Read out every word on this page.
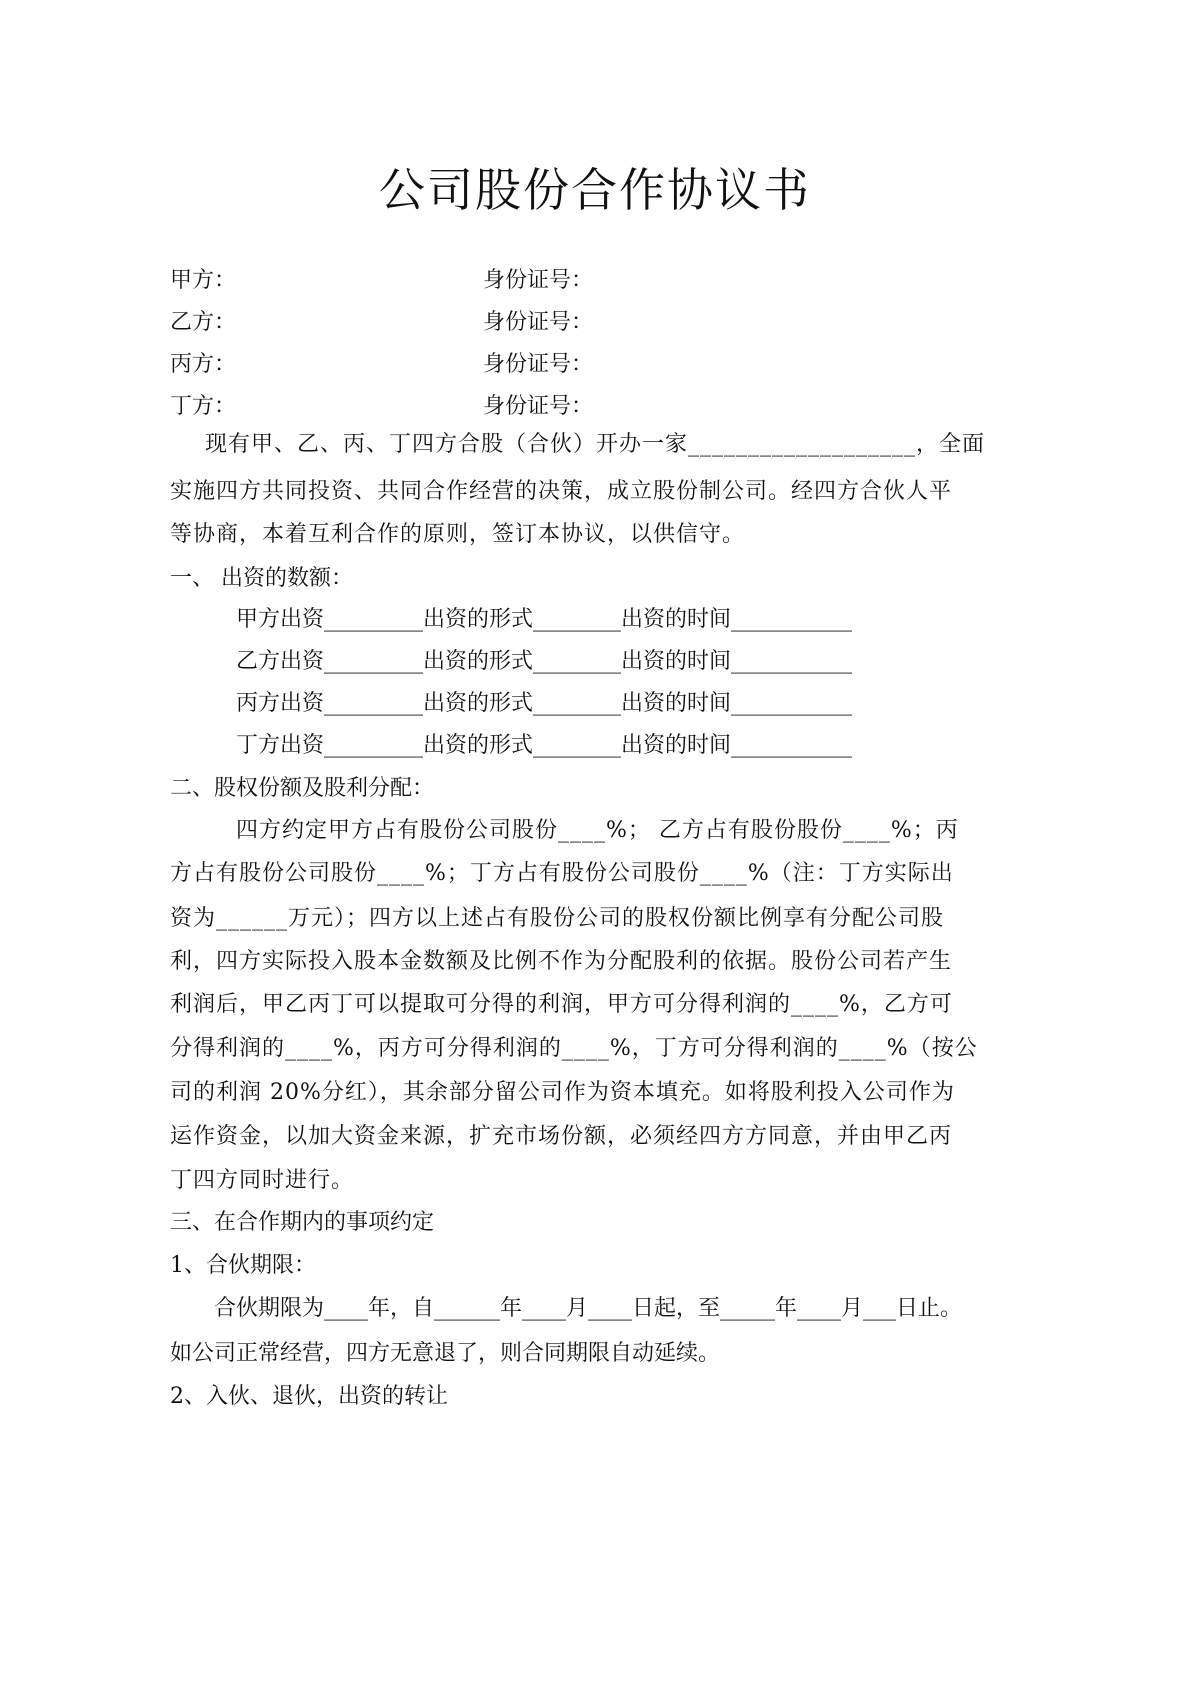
公司股份合作协议书
甲方：	身份证号：
乙方：	身份证号：
丙方：	身份证号：
丁方：	身份证号：
现有甲、乙、丙、丁四方合股（合伙）开办一家___________________，全面
实施四方共同投资、共同合作经营的决策，成立股份制公司。经四方合伙人平
等协商，本着互利合作的原则，签订本协议，以供信守。
一、 出资的数额：
甲方出资_________出资的形式________出资的时间___________
乙方出资_________出资的形式________出资的时间___________
丙方出资_________出资的形式________出资的时间___________
丁方出资_________出资的形式________出资的时间___________
二、股权份额及股利分配：
四方约定甲方占有股份公司股份____%； 乙方占有股份股份____%；丙
方占有股份公司股份____%；丁方占有股份公司股份____%（注：丁方实际出
资为______万元）；四方以上述占有股份公司的股权份额比例享有分配公司股
利，四方实际投入股本金数额及比例不作为分配股利的依据。股份公司若产生
利润后，甲乙丙丁可以提取可分得的利润，甲方可分得利润的____%，乙方可
分得利润的____%，丙方可分得利润的____%，丁方可分得利润的____%（按公
司的利润 20%分红），其余部分留公司作为资本填充。如将股利投入公司作为
运作资金，以加大资金来源，扩充市场份额，必须经四方方同意，并由甲乙丙
丁四方同时进行。
三、在合作期内的事项约定
1、合伙期限：
合伙期限为____年，自______年____月____日起，至_____年____月___日止。
如公司正常经营，四方无意退了，则合同期限自动延续。
2、入伙、退伙，出资的转让
